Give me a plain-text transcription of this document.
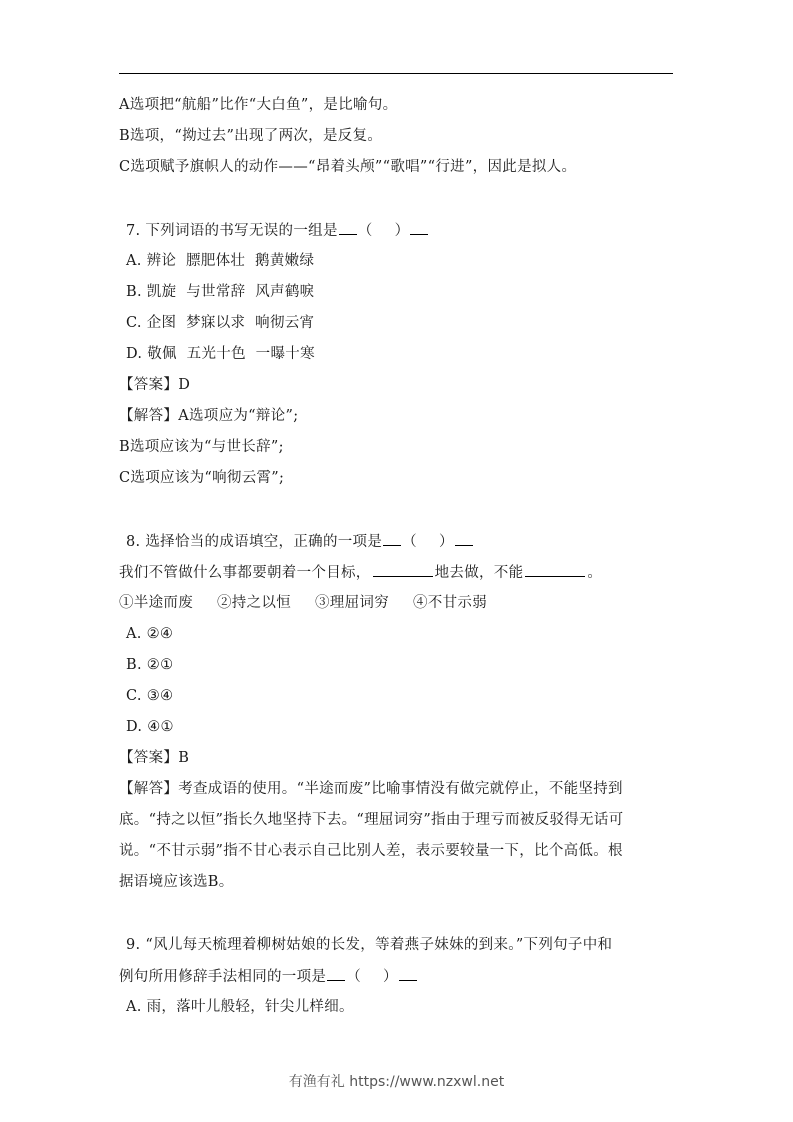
A选项把“航船”比作“大白鱼”，是比喻句。
B选项，“拗过去”出现了两次，是反复。
C选项赋予旗帜人的动作——“昂着头颅”“歌唱”“行进”，因此是拟人。
7. 下列词语的书写无误的一组是 （ ）
A. 辨论  膘肥体壮  鹅黄嫩绿
B. 凯旋  与世常辞  风声鹤唳
C. 企图  梦寐以求  响彻云宵
D. 敬佩  五光十色  一曝十寒
【答案】D
【解答】A选项应为“辩论”;
B选项应该为“与世长辞”;
C选项应该为“响彻云霄”;
8. 选择恰当的成语填空，正确的一项是 （ ）
我们不管做什么事都要朝着一个目标，	地去做，不能	。
①半途而废 ②持之以恒 ③理屈词穷 ④不甘示弱
A. ②④
B. ②①
C. ③④
D. ④①
【答案】B
【解答】考查成语的使用。“半途而废”比喻事情没有做完就停止，不能坚持到
底。“持之以恒”指长久地坚持下去。“理屈词穷”指由于理亏而被反驳得无话可
说。“不甘示弱”指不甘心表示自己比别人差，表示要较量一下，比个高低。根
据语境应该选B。
9. “风儿每天梳理着柳树姑娘的长发，等着燕子妹妹的到来。”下列句子中和
例句所用修辞手法相同的一项是 （ ）
A. 雨，落叶儿般轻，针尖儿样细。
有渔有礼 https://www.nzxwl.net
